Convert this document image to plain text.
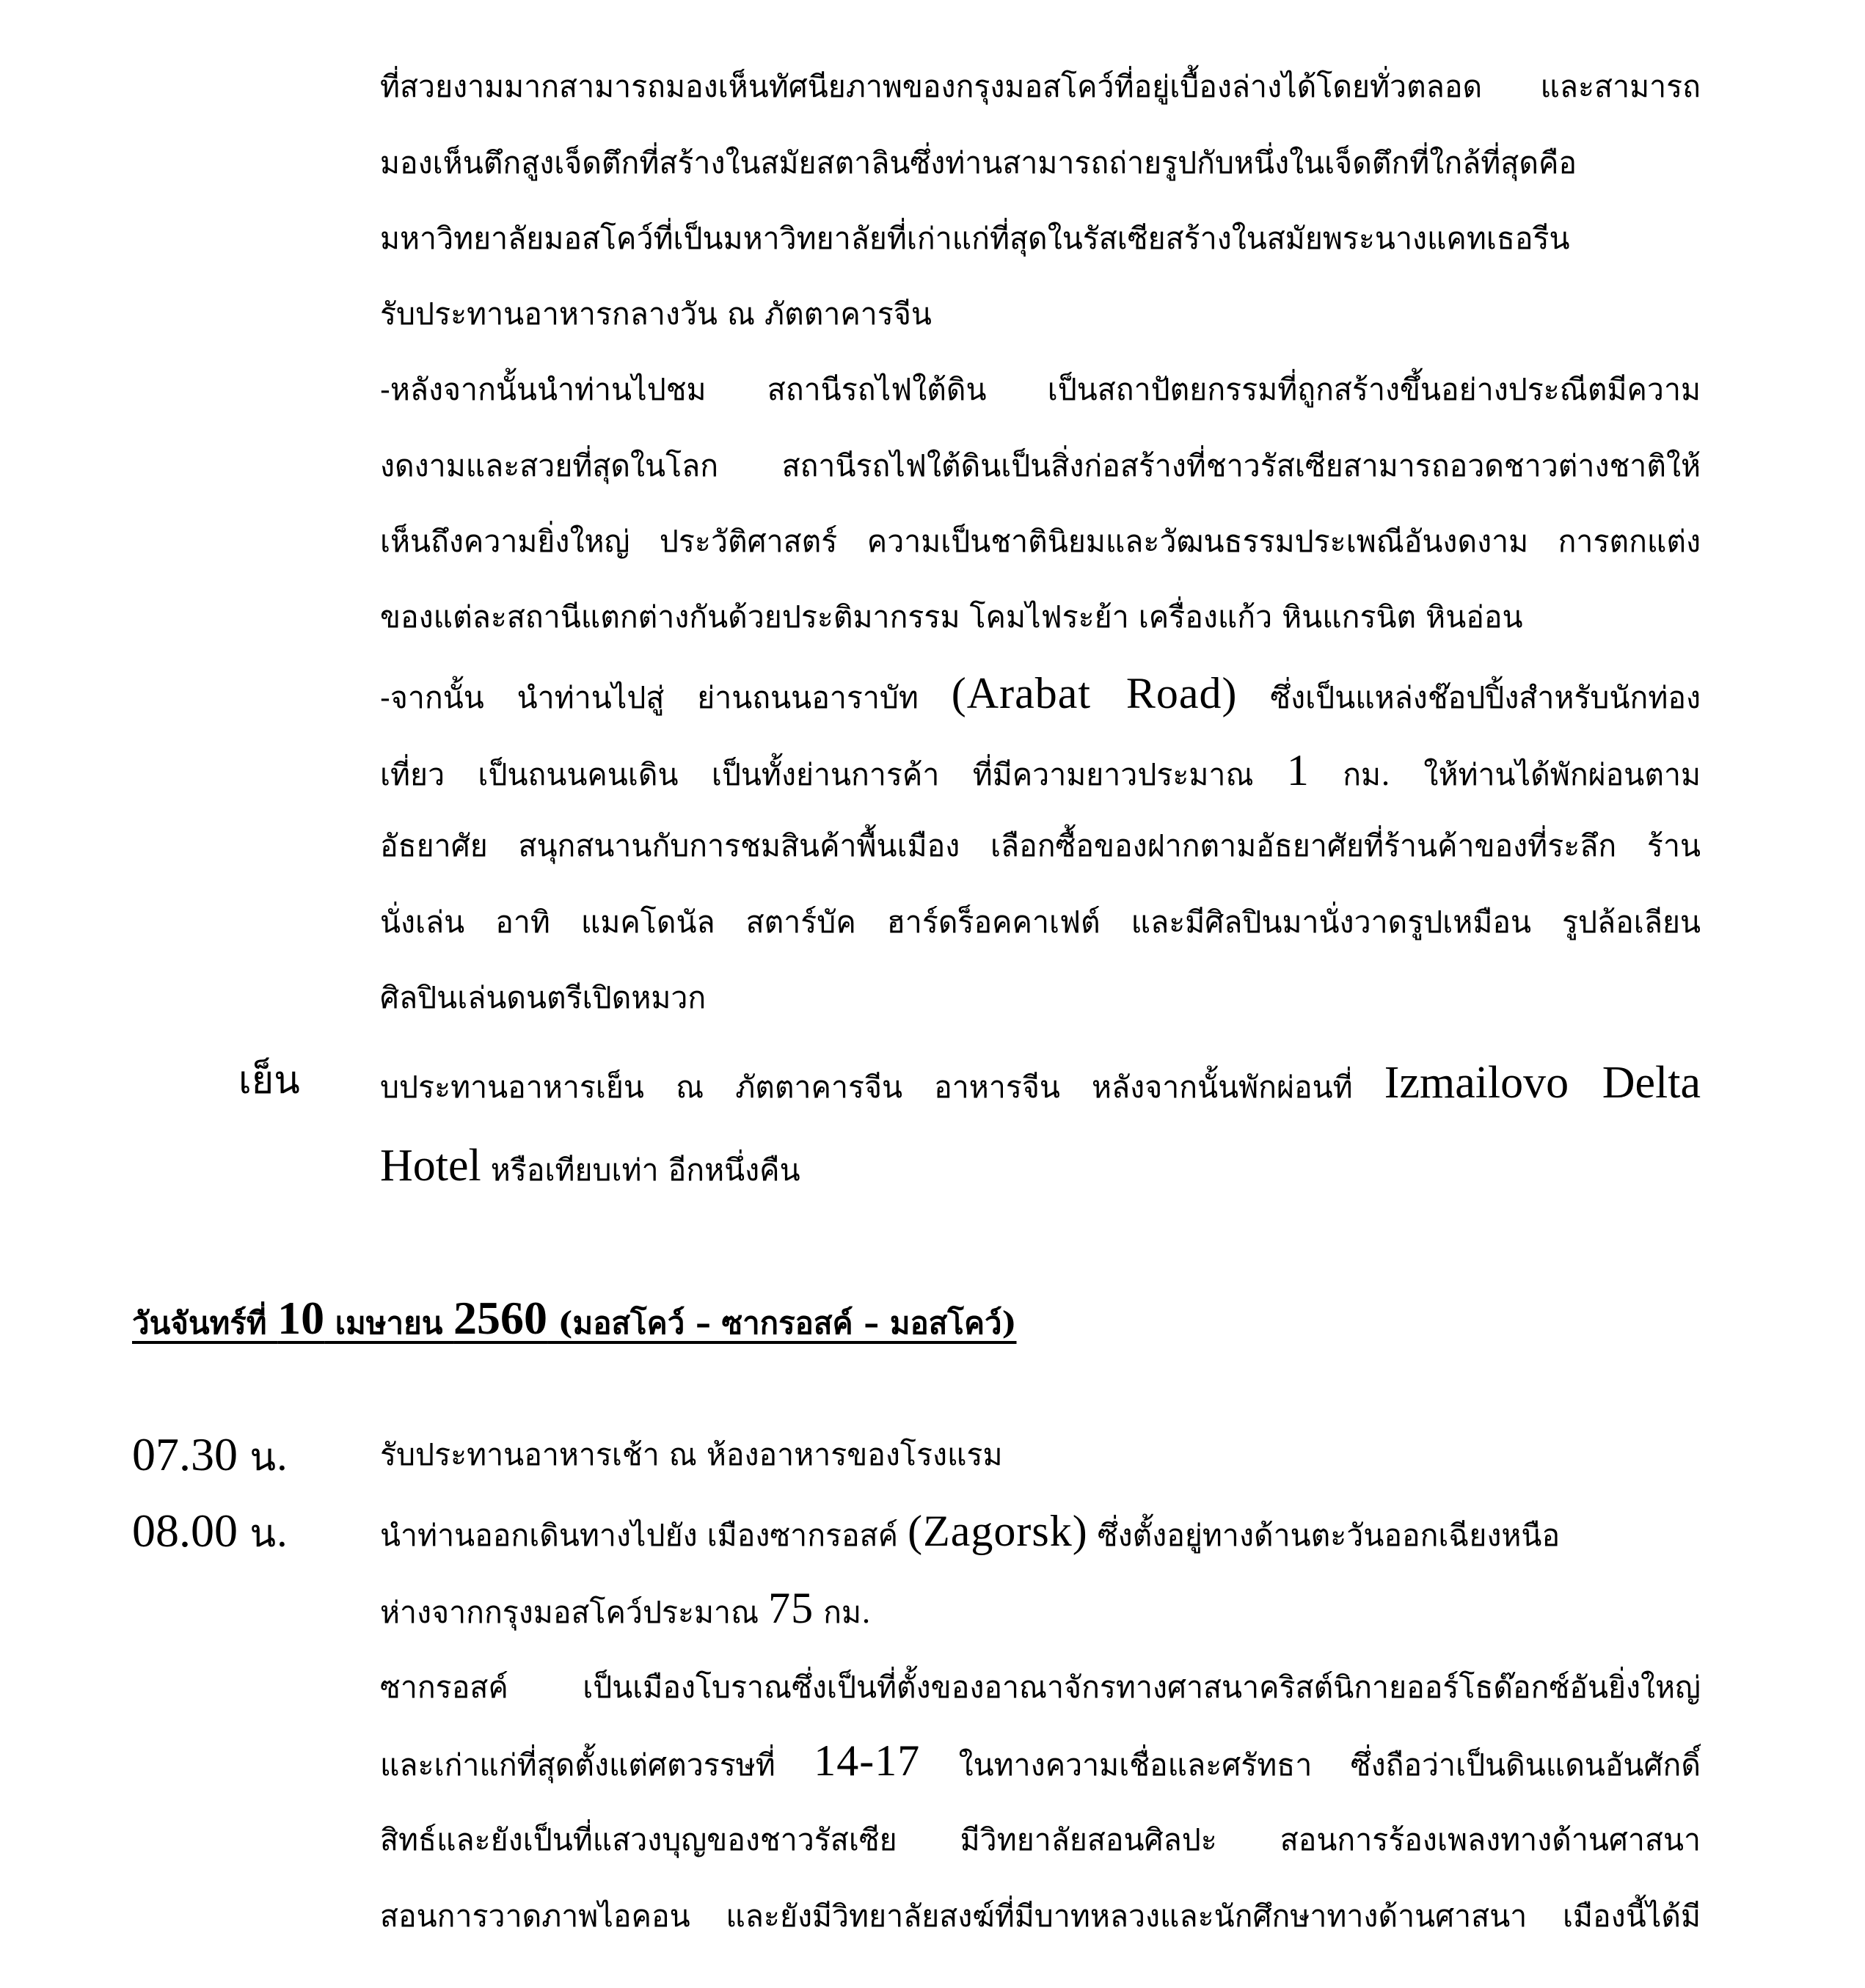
ที่สวยงามมากสามารถมองเห็นทัศนียภาพของกรุงมอสโคว์ที่อยู่เบื้องล่างได้โดยทั่วตลอด และสามารถ
มองเห็นตึกสูงเจ็ดตึกที่สร้างในสมัยสตาลินซึ่งท่านสามารถถ่ายรูปกับหนึ่งในเจ็ดตึกที่ใกล้ที่สุดคือ
มหาวิทยาลัยมอสโคว์ที่เป็นมหาวิทยาลัยที่เก่าแก่ที่สุดในรัสเซียสร้างในสมัยพระนางแคทเธอรีน
รับประทานอาหารกลางวัน ณ ภัตตาคารจีน
-หลังจากนั้นนำท่านไปชม สถานีรถไฟใต้ดิน เป็นสถาปัตยกรรมที่ถูกสร้างขึ้นอย่างประณีตมีความ
งดงามและสวยที่สุดในโลก สถานีรถไฟใต้ดินเป็นสิ่งก่อสร้างที่ชาวรัสเซียสามารถอวดชาวต่างชาติให้
เห็นถึงความยิ่งใหญ่ ประวัติศาสตร์ ความเป็นชาตินิยมและวัฒนธรรมประเพณีอันงดงาม การตกแต่ง
ของแต่ละสถานีแตกต่างกันด้วยประติมากรรม โคมไฟระย้า เครื่องแก้ว หินแกรนิต หินอ่อน
-จากนั้น นำท่านไปสู่ ย่านถนนอาราบัท (Arabat Road) ซึ่งเป็นแหล่งช๊อปปิ้งสำหรับนักท่อง
เที่ยว เป็นถนนคนเดิน เป็นทั้งย่านการค้า ที่มีความยาวประมาณ 1 กม. ให้ท่านได้พักผ่อนตาม
อัธยาศัย สนุกสนานกับการชมสินค้าพื้นเมือง เลือกซื้อของฝากตามอัธยาศัยที่ร้านค้าของที่ระลึก ร้าน
นั่งเล่น อาทิ แมคโดนัล สตาร์บัค ฮาร์ดร็อคคาเฟต์ และมีศิลปินมานั่งวาดรูปเหมือน รูปล้อเลียน
ศิลปินเล่นดนตรีเปิดหมวก
เย็น	บประทานอาหารเย็น ณ ภัตตาคารจีน อาหารจีน หลังจากนั้นพักผ่อนที่ Izmailovo Delta
Hotel หรือเทียบเท่า อีกหนึ่งคืน
วันจันทร์ที่ 10 เมษายน 2560 (มอสโคว์ – ซากรอสค์ – มอสโคว์)
07.30 น.	รับประทานอาหารเช้า ณ ห้องอาหารของโรงแรม
08.00 น.	นำท่านออกเดินทางไปยัง เมืองซากรอสค์ (Zagorsk) ซึ่งตั้งอยู่ทางด้านตะวันออกเฉียงหนือ
ห่างจากกรุงมอสโคว์ประมาณ 75 กม.
ซากรอสค์ เป็นเมืองโบราณซึ่งเป็นที่ตั้งของอาณาจักรทางศาสนาคริสต์นิกายออร์โธด๊อกซ์อันยิ่งใหญ่
และเก่าแก่ที่สุดตั้งแต่ศตวรรษที่ 14-17 ในทางความเชื่อและศรัทธา ซึ่งถือว่าเป็นดินแดนอันศักดิ์
สิทธ์และยังเป็นที่แสวงบุญของชาวรัสเซีย มีวิทยาลัยสอนศิลปะ สอนการร้องเพลงทางด้านศาสนา
สอนการวาดภาพไอคอน และยังมีวิทยาลัยสงฆ์ที่มีบาทหลวงและนักศึกษาทางด้านศาสนา เมืองนี้ได้มี
